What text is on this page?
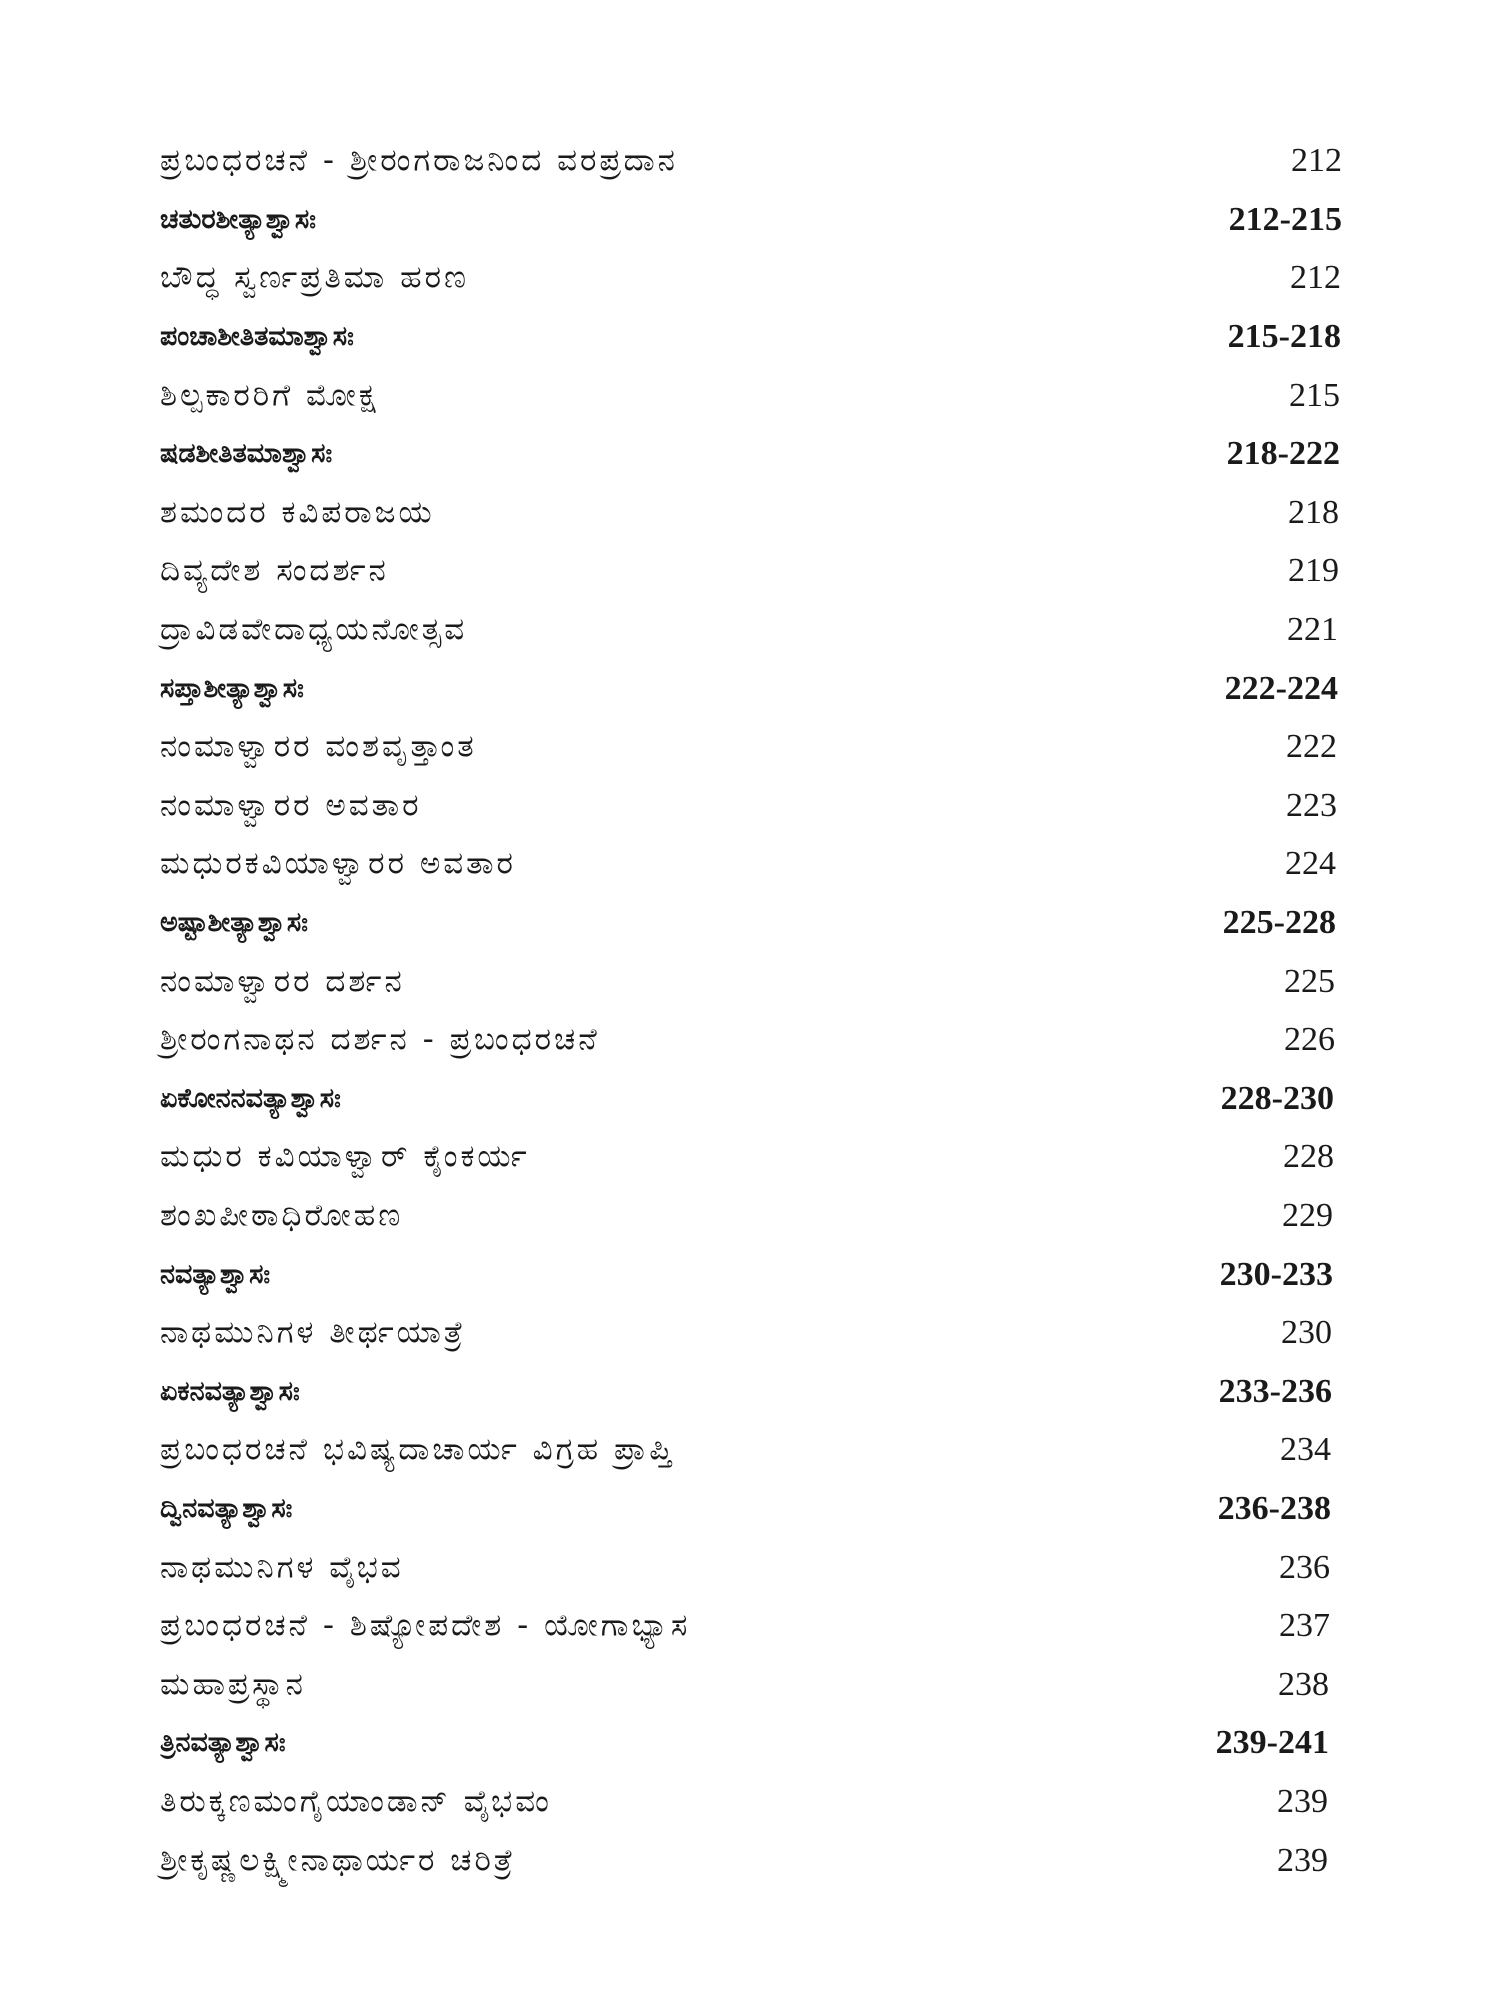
ಪ್ರಬಂಧರಚನೆ - ಶ್ರೀರಂಗರಾಜನಿಂದ ವರಪ್ರದಾನ	212
ಚತುರಶೀತ್ಯಾಶ್ವಾಸಃ	212-215
ಬೌದ್ಧ ಸ್ವರ್ಣಪ್ರತಿಮಾ ಹರಣ	212
ಪಂಚಾಶೀತಿತಮಾಶ್ವಾಸಃ	215-218
ಶಿಲ್ಪಕಾರರಿಗೆ ಮೋಕ್ಷ	215
ಷಡಶೀತಿತಮಾಶ್ವಾಸಃ	218-222
ಶಮಂದರ ಕವಿಪರಾಜಯ	218
ದಿವ್ಯದೇಶ ಸಂದರ್ಶನ	219
ದ್ರಾವಿಡವೇದಾಧ್ಯಯನೋತ್ಸವ	221
ಸಪ್ತಾಶೀತ್ಯಾಶ್ವಾಸಃ	222-224
ನಂಮಾಳ್ವಾರರ ವಂಶವೃತ್ತಾಂತ	222
ನಂಮಾಳ್ವಾರರ ಅವತಾರ	223
ಮಧುರಕವಿಯಾಳ್ವಾರರ ಅವತಾರ	224
ಅಷ್ಟಾಶೀತ್ಯಾಶ್ವಾಸಃ	225-228
ನಂಮಾಳ್ವಾರರ ದರ್ಶನ	225
ಶ್ರೀರಂಗನಾಥನ ದರ್ಶನ - ಪ್ರಬಂಧರಚನೆ	226
ಏಕೋನನವತ್ಯಾಶ್ವಾಸಃ	228-230
ಮಧುರ ಕವಿಯಾಳ್ವಾರ್ ಕೈಂಕರ್ಯ	228
ಶಂಖಪೀಠಾಧಿರೋಹಣ	229
ನವತ್ಯಾಶ್ವಾಸಃ	230-233
ನಾಥಮುನಿಗಳ ತೀರ್ಥಯಾತ್ರೆ	230
ಏಕನವತ್ಯಾಶ್ವಾಸಃ	233-236
ಪ್ರಬಂಧರಚನೆ ಭವಿಷ್ಯದಾಚಾರ್ಯ ವಿಗ್ರಹ ಪ್ರಾಪ್ತಿ	234
ದ್ವಿನವತ್ಯಾಶ್ವಾಸಃ	236-238
ನಾಥಮುನಿಗಳ ವೈಭವ	236
ಪ್ರಬಂಧರಚನೆ - ಶಿಷ್ಯೋಪದೇಶ - ಯೋಗಾಭ್ಯಾಸ	237
ಮಹಾಪ್ರಸ್ಥಾನ	238
ತ್ರಿನವತ್ಯಾಶ್ವಾಸಃ	239-241
ತಿರುಕ್ಕಣಮಂಗೈಯಾಂಡಾನ್ ವೈಭವಂ	239
ಶ್ರೀಕೃಷ್ಣಲಕ್ಷ್ಮೀನಾಥಾರ್ಯರ ಚರಿತ್ರೆ	239
